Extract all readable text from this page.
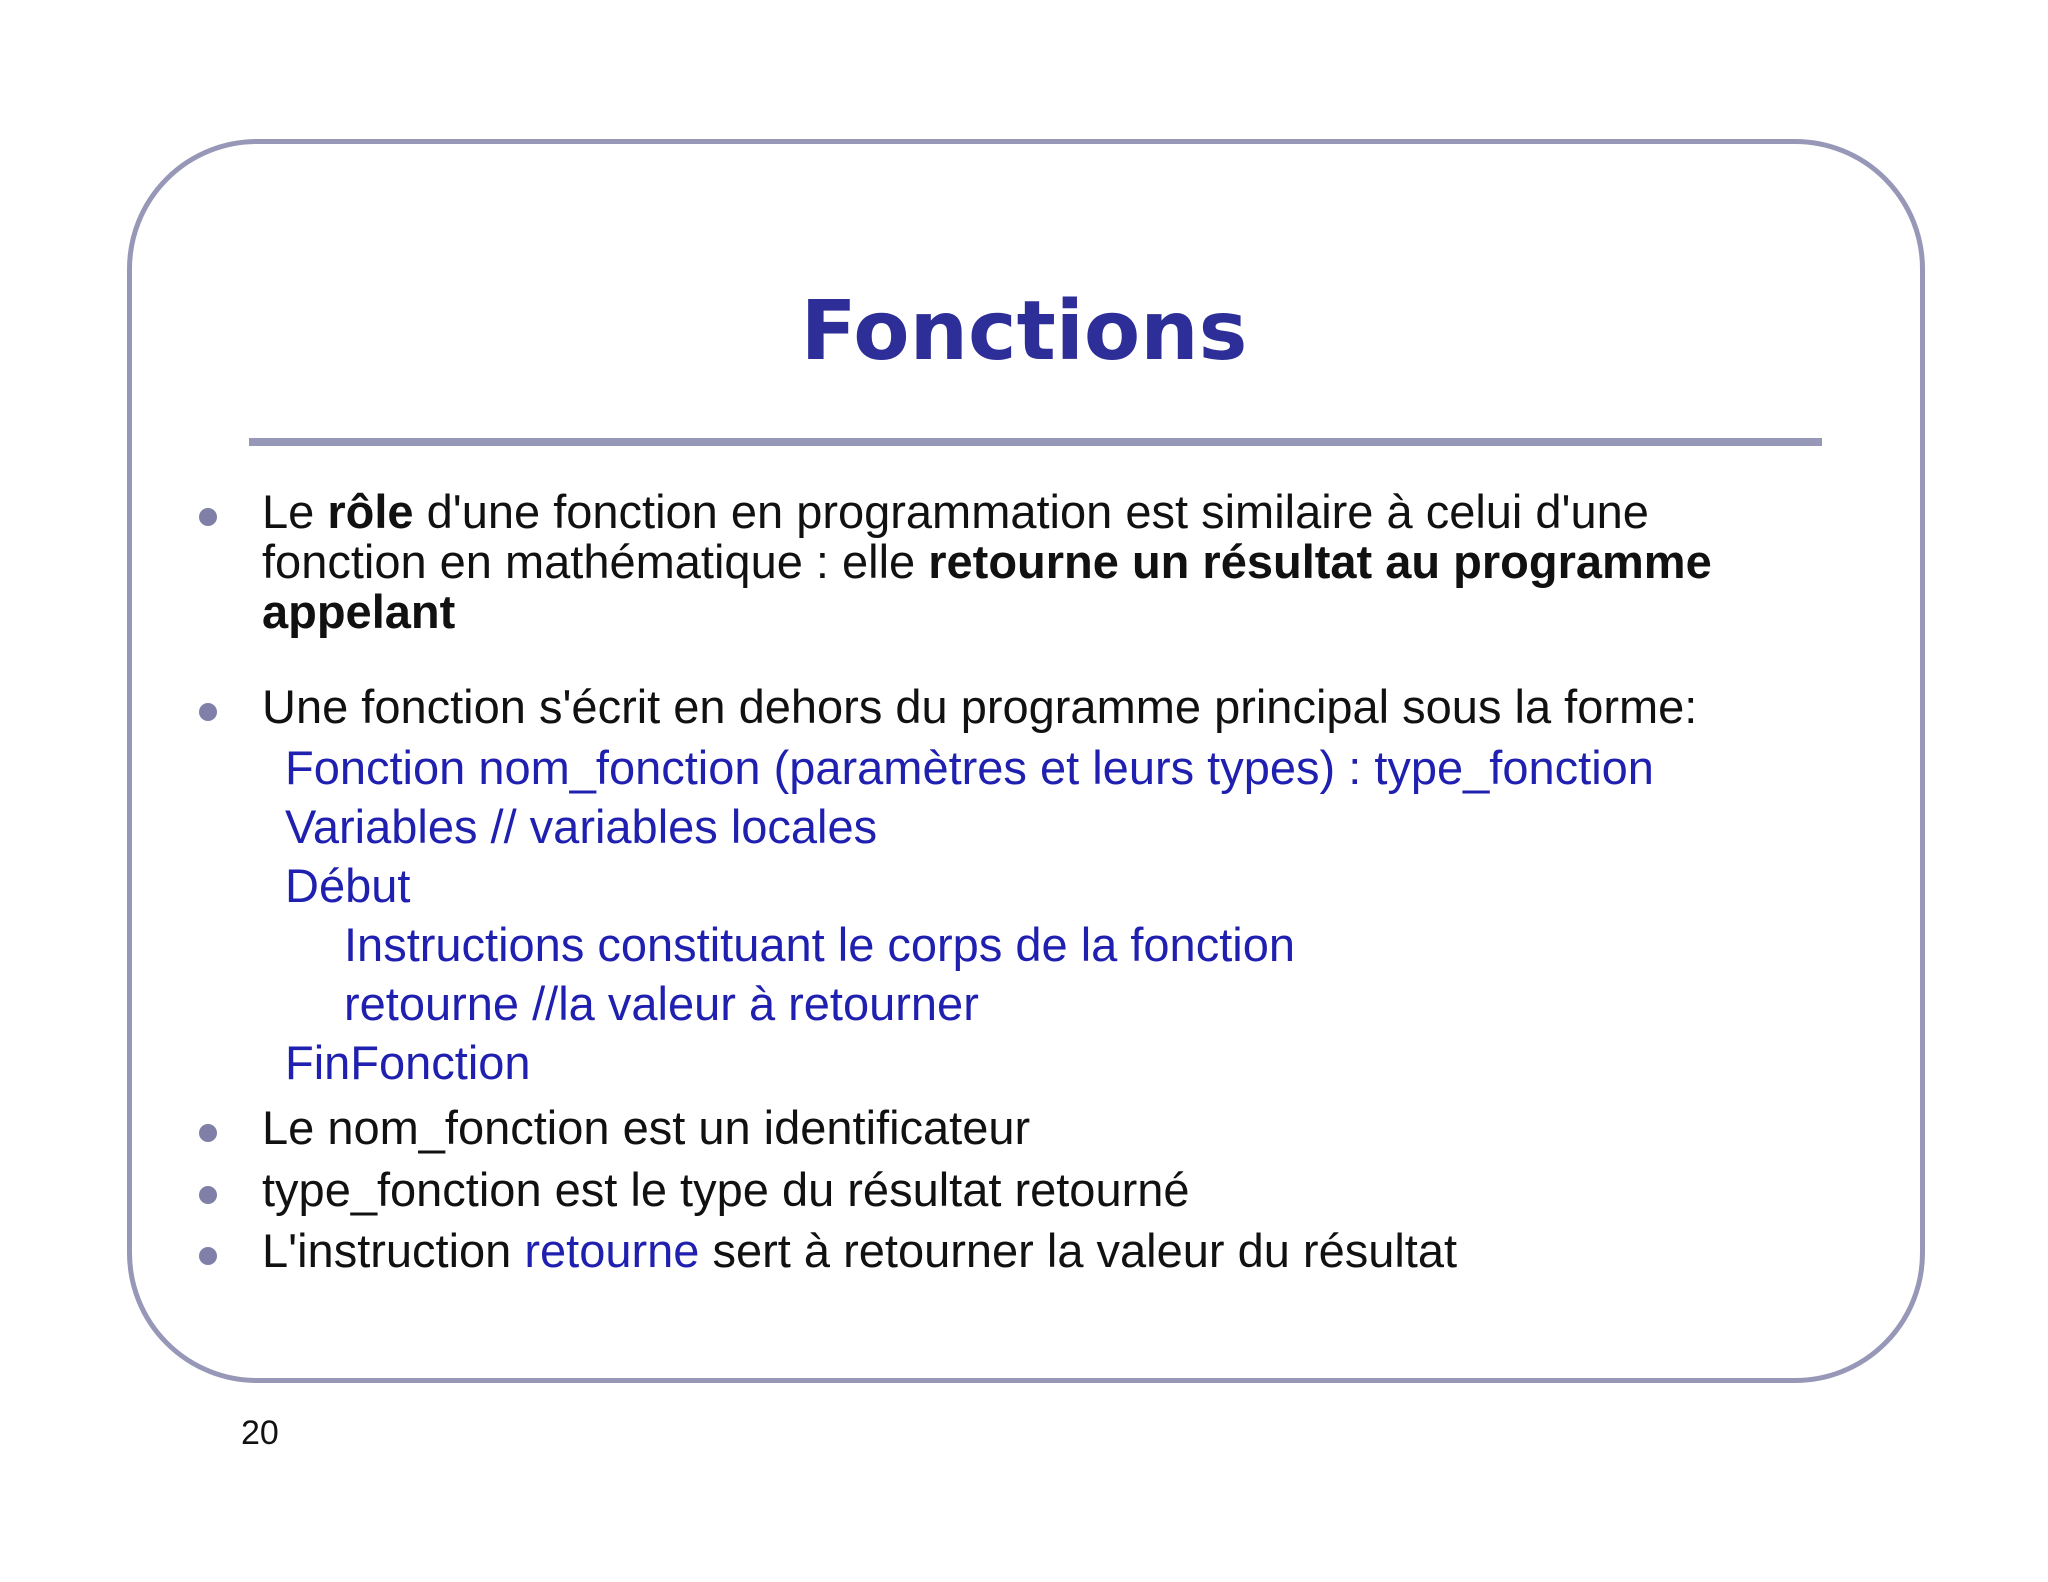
Fonctions
Le rôle d'une fonction en programmation est similaire à celui d'une
fonction en mathématique : elle retourne un résultat au programme
appelant
Une fonction s'écrit en dehors du programme principal sous la forme:
Le nom_fonction est un identificateur
type_fonction est le type du résultat retourné
L'instruction retourne sert à retourner la valeur du résultat
Fonction nom_fonction (paramètres et leurs types) : type_fonction
Variables // variables locales
Début
Instructions constituant le corps de la fonction
retourne //la valeur à retourner
FinFonction
20
